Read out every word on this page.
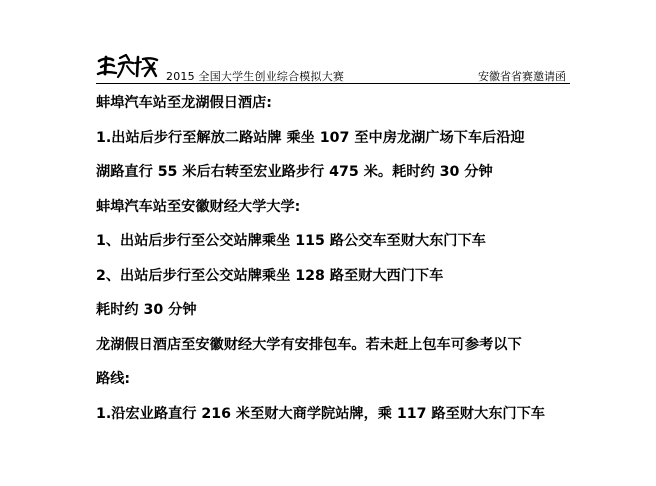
2015 全国大学生创业综合模拟大赛	安徽省省赛邀请函
蚌埠汽车站至龙湖假日酒店:
1.出站后步行至解放二路站牌 乘坐 107 至中房龙湖广场下车后沿迎
湖路直行 55 米后右转至宏业路步行 475 米。耗时约 30 分钟
蚌埠汽车站至安徽财经大学大学:
1、出站后步行至公交站牌乘坐 115 路公交车至财大东门下车
2、出站后步行至公交站牌乘坐 128 路至财大西门下车
耗时约 30 分钟
龙湖假日酒店至安徽财经大学有安排包车。若未赶上包车可参考以下
路线:
1.沿宏业路直行 216 米至财大商学院站牌，乘 117 路至财大东门下车
